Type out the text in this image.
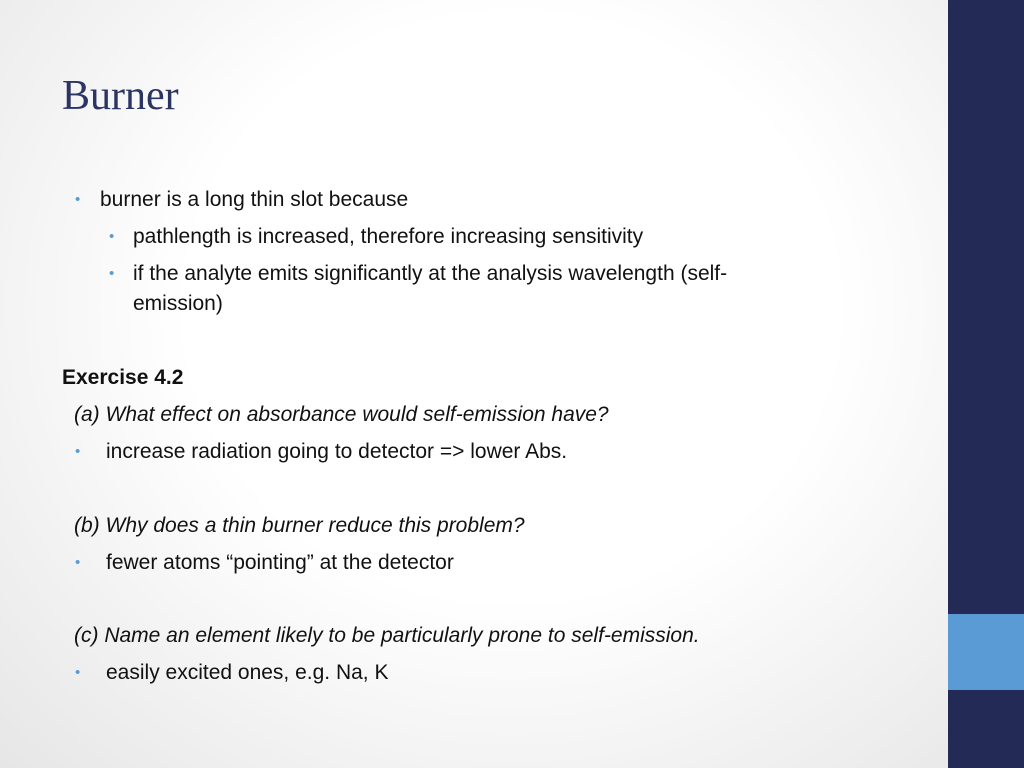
Burner
• burner is a long thin slot because
• pathlength is increased, therefore increasing sensitivity
• if the analyte emits significantly at the analysis wavelength (self-
emission)
Exercise 4.2
(a) What effect on absorbance would self-emission have?
• increase radiation going to detector => lower Abs.
(b) Why does a thin burner reduce this problem?
• fewer atoms “pointing” at the detector
(c) Name an element likely to be particularly prone to self-emission.
• easily excited ones, e.g. Na, K
